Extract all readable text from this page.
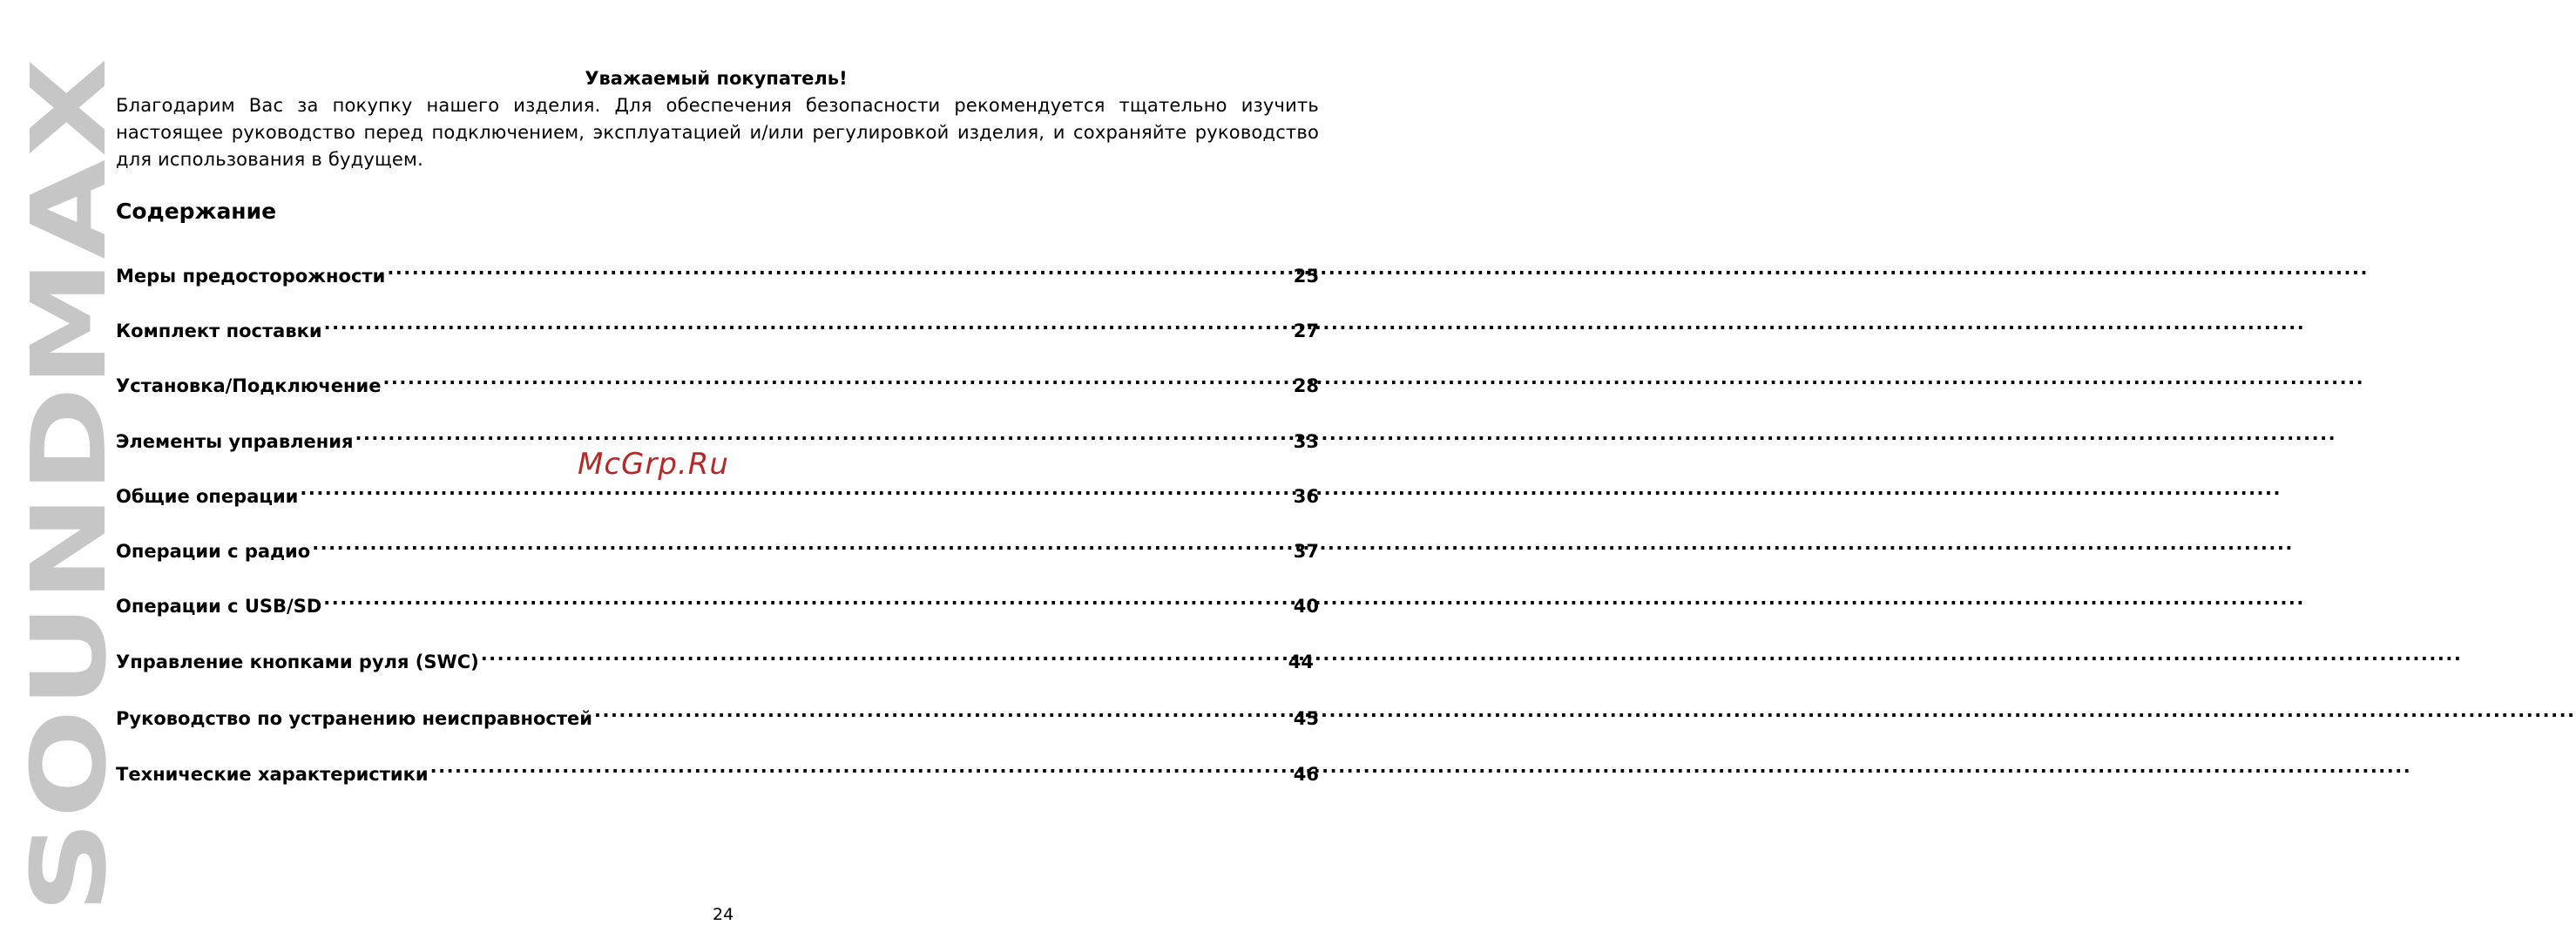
S
O
U
N
D
M
A
X	Уважаемый покупатель!
Благодарим Вас за покупку нашего изделия. Для обеспечения безопасности рекомендуется тщательно изучить настоящее руководство перед подключением, эксплуатацией и/или регулировкой изделия, и сохраняйте руководство для использования в будущем.
Содержание
Меры предосторожности .....	25
Комплект поставки .....	27
Установка/Подключение .....	28
Элементы управления .....	33
Общие операции .....	36
Операции с радио .....	37
Операции с USB/SD .....	40
Управление кнопками руля (SWC) .....	44
Руководство по устранению неисправностей .....	45
Технические характеристики .....	46
McGrp.Ru
24
